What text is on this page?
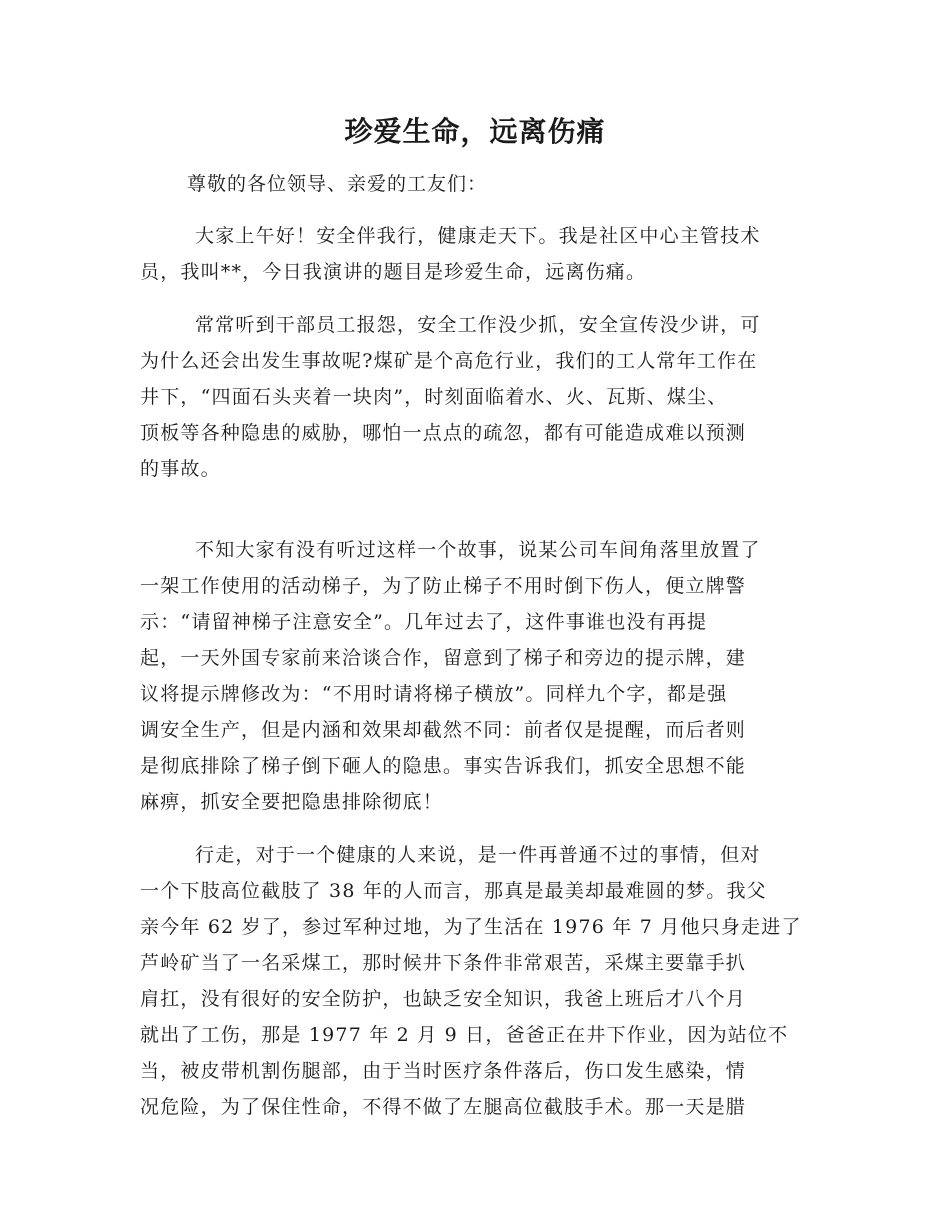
珍爱生命，远离伤痛
尊敬的各位领导、亲爱的工友们：
大家上午好！安全伴我行，健康走天下。我是社区中心主管技术
员，我叫**，今日我演讲的题目是珍爱生命，远离伤痛。
常常听到干部员工报怨，安全工作没少抓，安全宣传没少讲，可
为什么还会出发生事故呢?煤矿是个高危行业，我们的工人常年工作在
井下，“四面石头夹着一块肉”，时刻面临着水、火、瓦斯、煤尘、
顶板等各种隐患的威胁，哪怕一点点的疏忽，都有可能造成难以预测
的事故。
不知大家有没有听过这样一个故事，说某公司车间角落里放置了
一架工作使用的活动梯子，为了防止梯子不用时倒下伤人，便立牌警
示：“请留神梯子注意安全”。几年过去了，这件事谁也没有再提
起，一天外国专家前来洽谈合作，留意到了梯子和旁边的提示牌，建
议将提示牌修改为：“不用时请将梯子横放”。同样九个字，都是强
调安全生产，但是内涵和效果却截然不同：前者仅是提醒，而后者则
是彻底排除了梯子倒下砸人的隐患。事实告诉我们，抓安全思想不能
麻痹，抓安全要把隐患排除彻底！
行走，对于一个健康的人来说，是一件再普通不过的事情，但对
一个下肢高位截肢了 38 年的人而言，那真是最美却最难圆的梦。我父
亲今年 62 岁了，参过军种过地，为了生活在 1976 年 7 月他只身走进了
芦岭矿当了一名采煤工，那时候井下条件非常艰苦，采煤主要靠手扒
肩扛，没有很好的安全防护，也缺乏安全知识，我爸上班后才八个月
就出了工伤，那是 1977 年 2 月 9 日，爸爸正在井下作业，因为站位不
当，被皮带机割伤腿部，由于当时医疗条件落后，伤口发生感染，情
况危险，为了保住性命，不得不做了左腿高位截肢手术。那一天是腊
